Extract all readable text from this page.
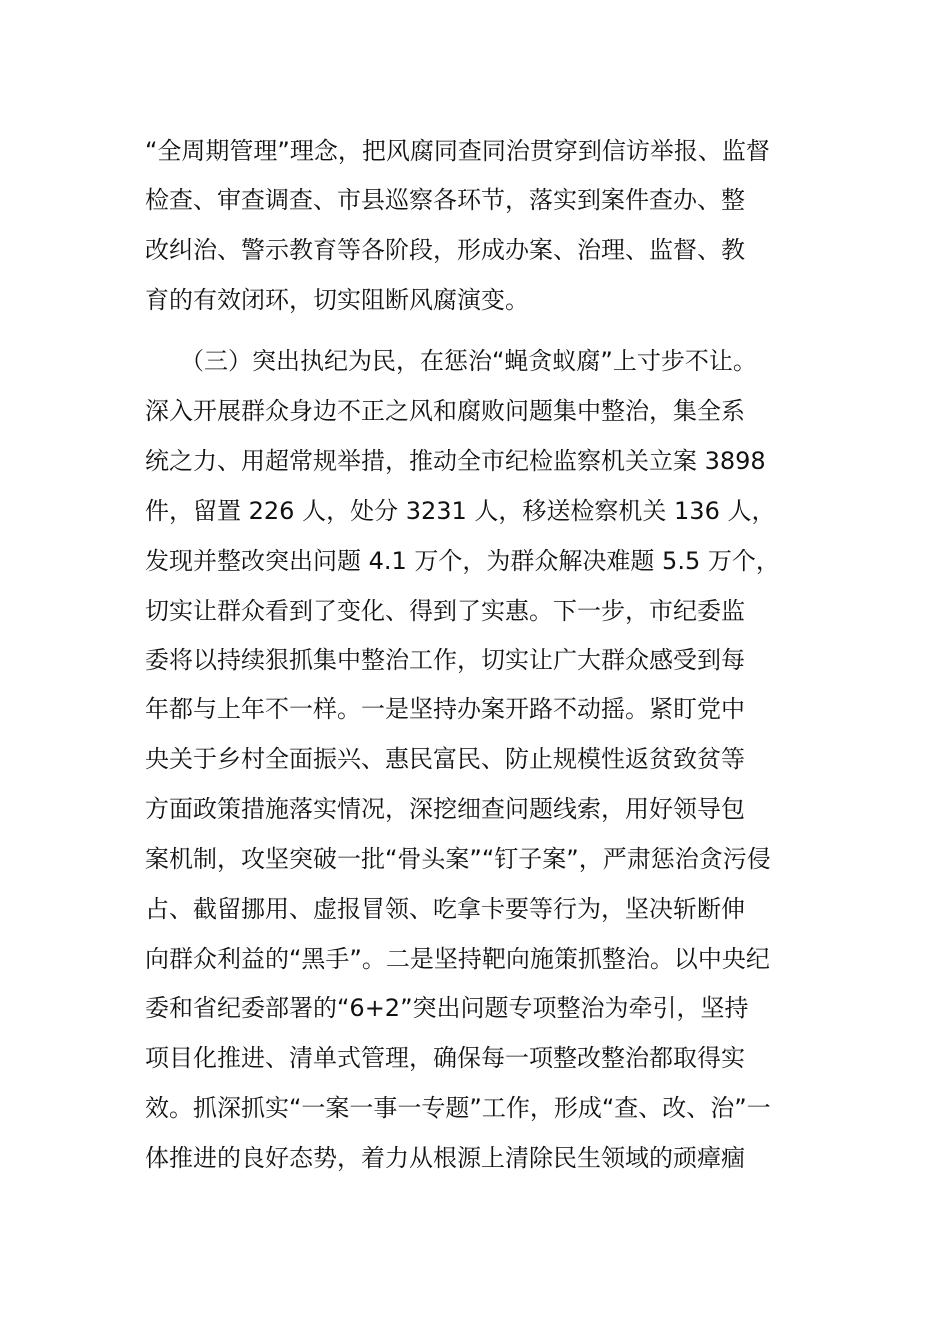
“全周期管理”理念，把风腐同查同治贯穿到信访举报、监督
检查、审查调查、市县巡察各环节，落实到案件查办、整
改纠治、警示教育等各阶段，形成办案、治理、监督、教
育的有效闭环，切实阻断风腐演变。
（三）突出执纪为民，在惩治“蝇贪蚁腐”上寸步不让。
深入开展群众身边不正之风和腐败问题集中整治，集全系
统之力、用超常规举措，推动全市纪检监察机关立案 3898
件，留置 226 人，处分 3231 人，移送检察机关 136 人，
发现并整改突出问题 4.1 万个，为群众解决难题 5.5 万个，
切实让群众看到了变化、得到了实惠。下一步，市纪委监
委将以持续狠抓集中整治工作，切实让广大群众感受到每
年都与上年不一样。一是坚持办案开路不动摇。紧盯党中
央关于乡村全面振兴、惠民富民、防止规模性返贫致贫等
方面政策措施落实情况，深挖细查问题线索，用好领导包
案机制，攻坚突破一批“骨头案”“钉子案”，严肃惩治贪污侵
占、截留挪用、虚报冒领、吃拿卡要等行为，坚决斩断伸
向群众利益的“黑手”。二是坚持靶向施策抓整治。以中央纪
委和省纪委部署的“6+2”突出问题专项整治为牵引，坚持
项目化推进、清单式管理，确保每一项整改整治都取得实
效。抓深抓实“一案一事一专题”工作，形成“查、改、治”一
体推进的良好态势，着力从根源上清除民生领域的顽瘴痼
